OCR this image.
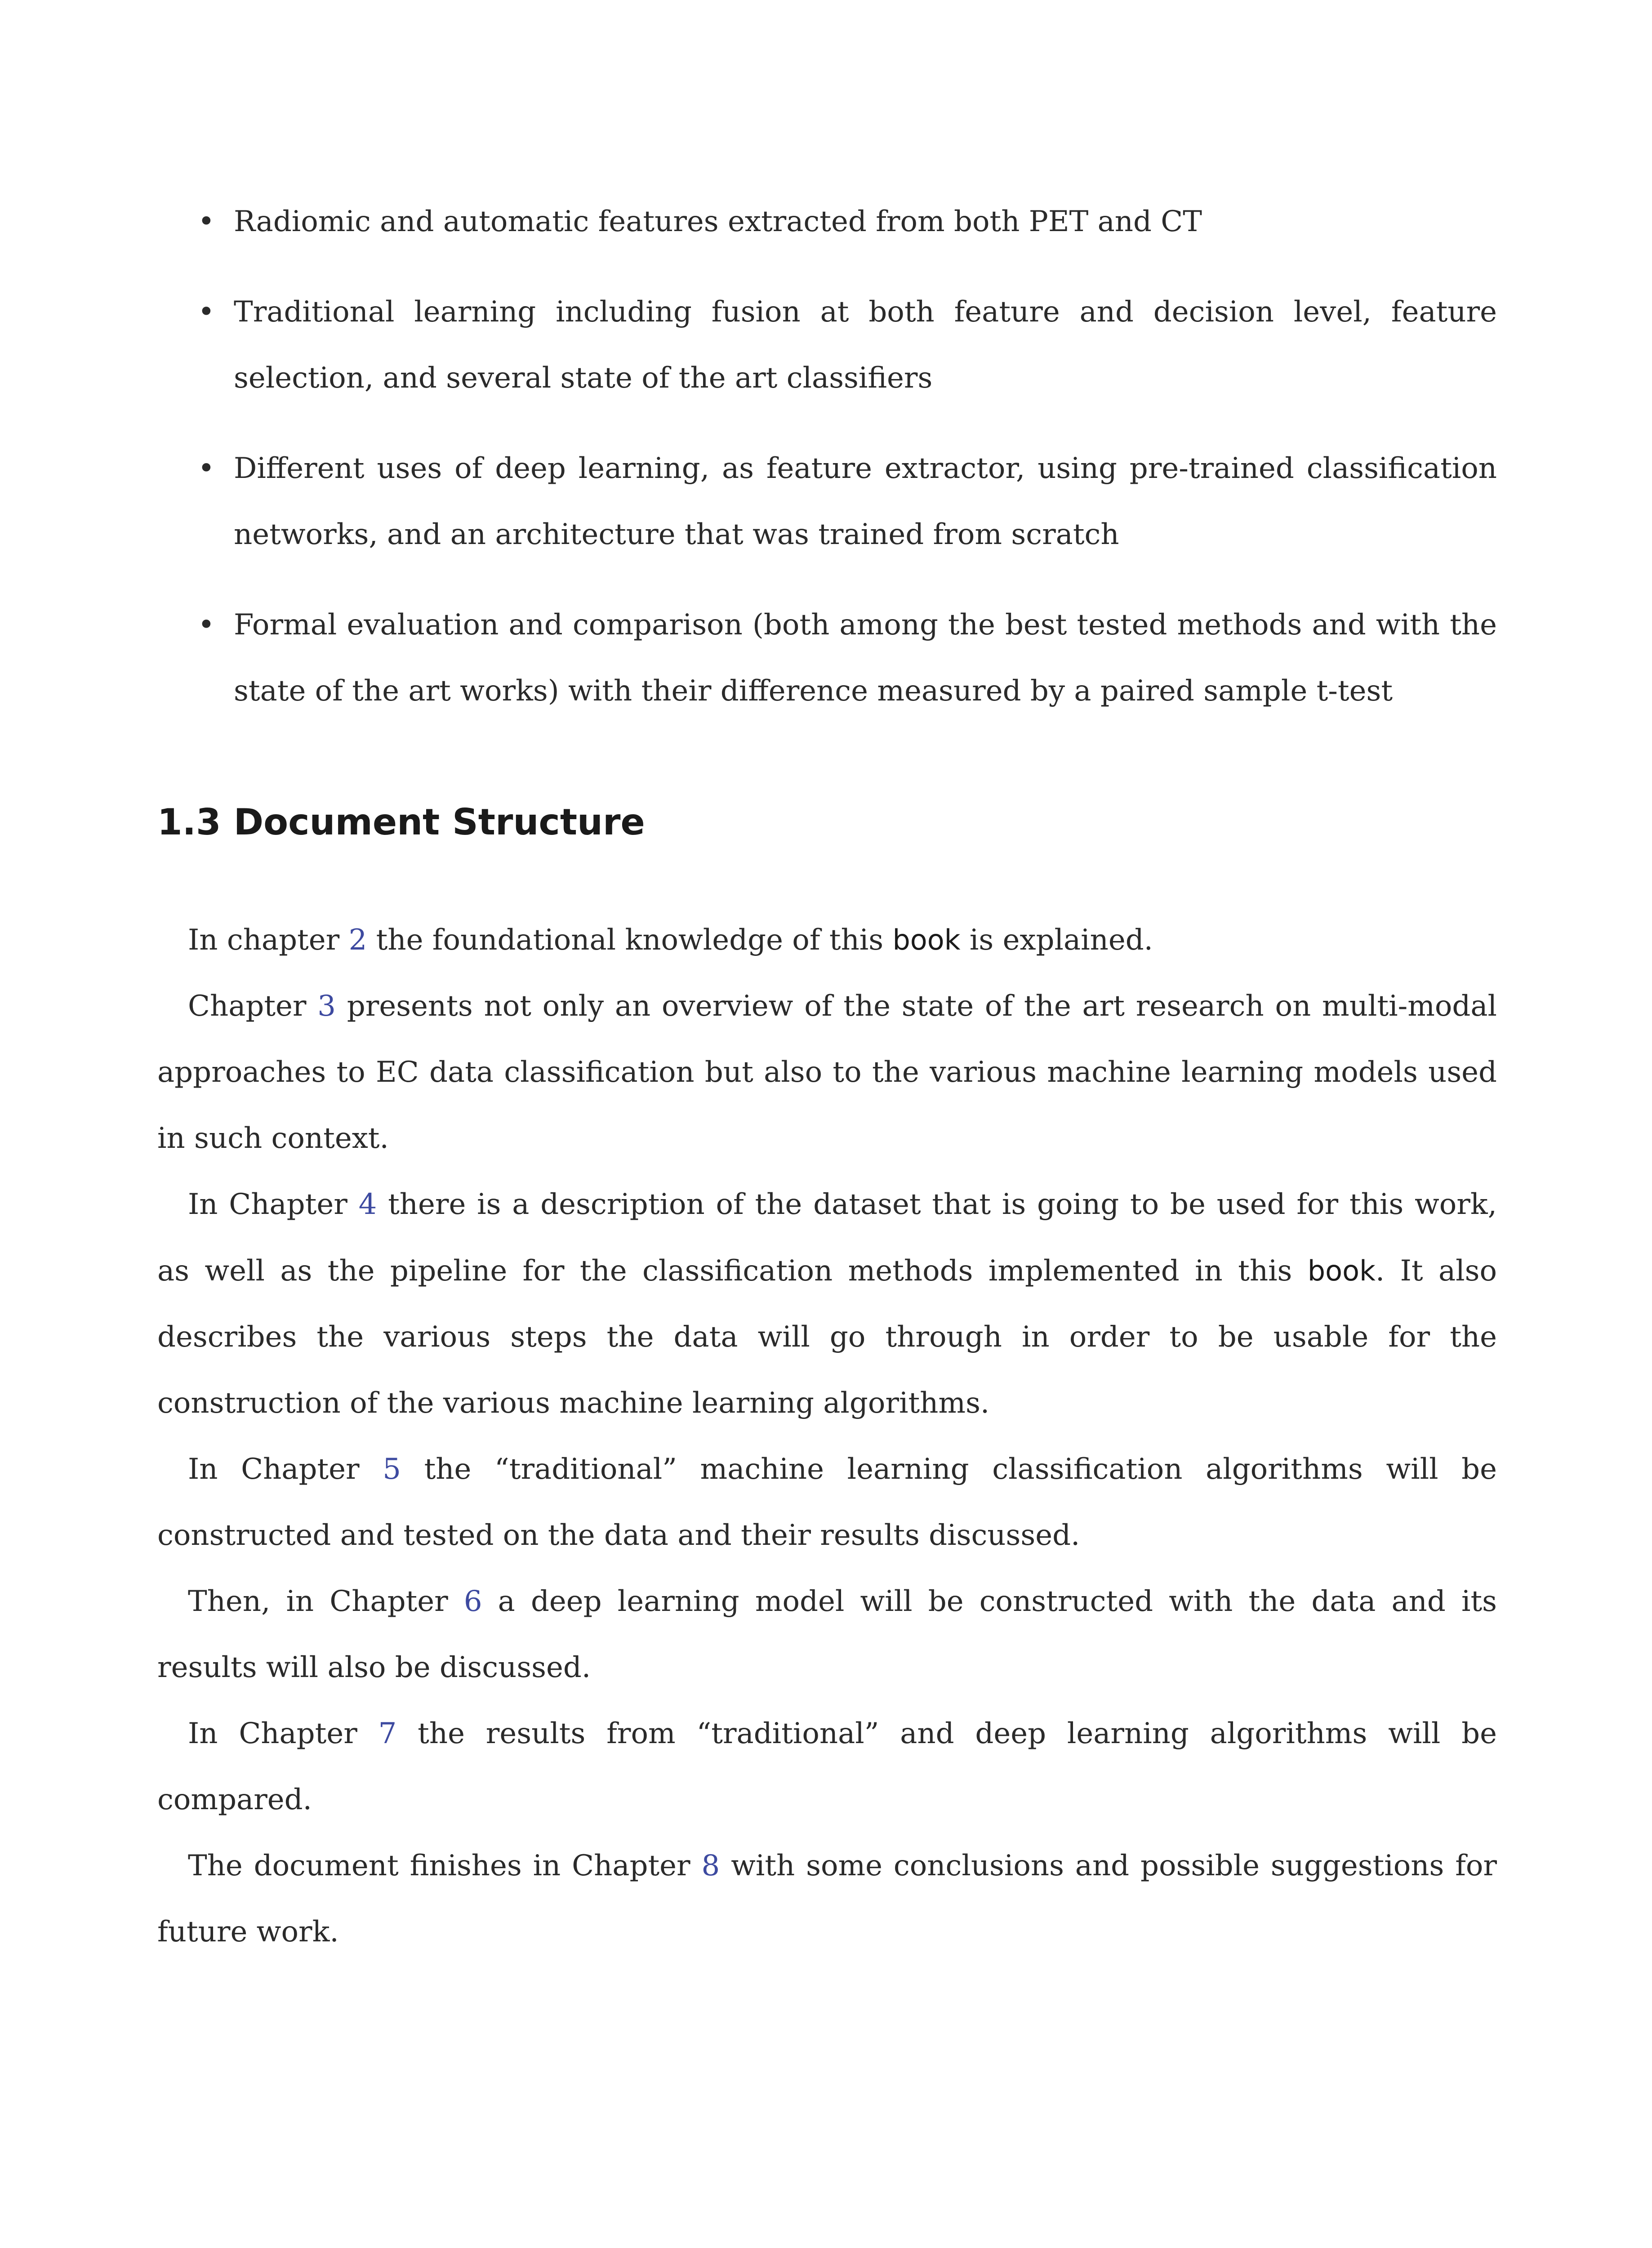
• Radiomic and automatic features extracted from both PET and CT
• Traditional learning including fusion at both feature and decision level, feature selection, and several state of the art classifiers
• Different uses of deep learning, as feature extractor, using pre-trained classification networks, and an architecture that was trained from scratch
• Formal evaluation and comparison (both among the best tested methods and with the state of the art works) with their difference measured by a paired sample t-test
1.3 Document Structure

In chapter 2 the foundational knowledge of this book is explained.

Chapter 3 presents not only an overview of the state of the art research on multi-modal approaches to EC data classification but also to the various machine learning models used in such context.

In Chapter 4 there is a description of the dataset that is going to be used for this work, as well as the pipeline for the classification methods implemented in this book. It also describes the various steps the data will go through in order to be usable for the construction of the various machine learning algorithms.

In Chapter 5 the “traditional” machine learning classification algorithms will be constructed and tested on the data and their results discussed.

Then, in Chapter 6 a deep learning model will be constructed with the data and its results will also be discussed.

In Chapter 7 the results from “traditional” and deep learning algorithms will be compared.

The document finishes in Chapter 8 with some conclusions and possible suggestions for future work.
